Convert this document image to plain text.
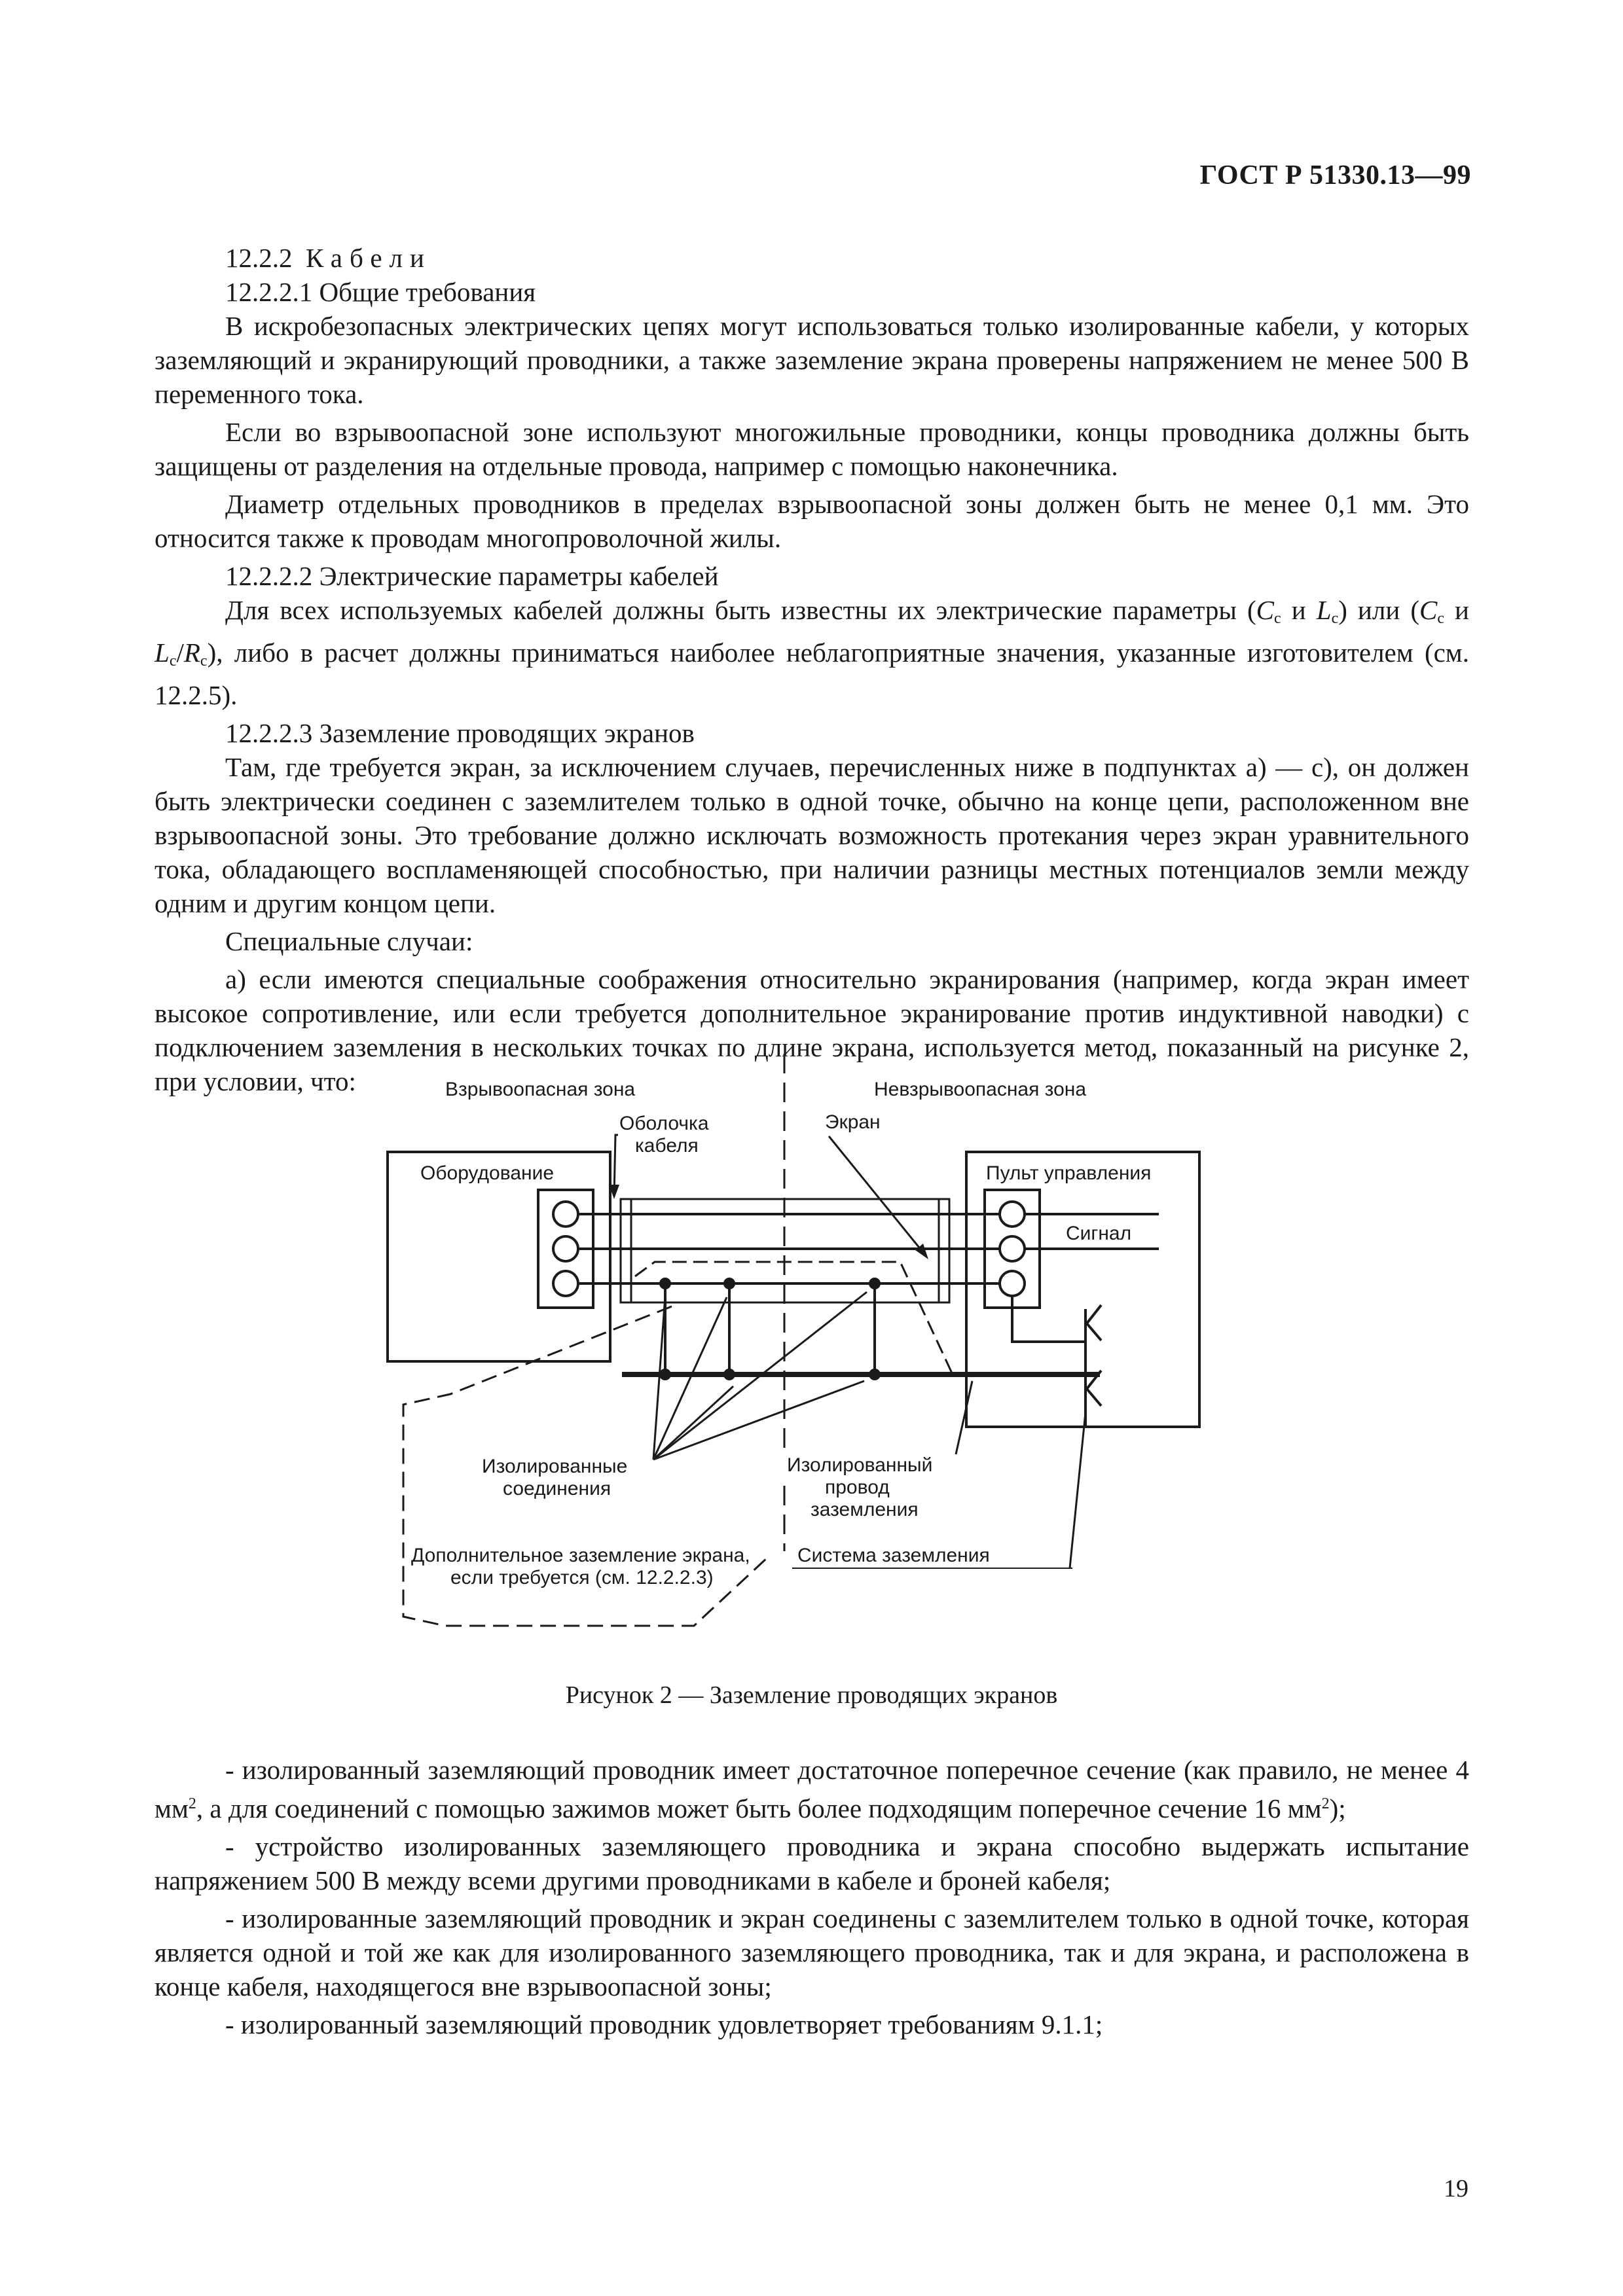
ГОСТ Р 51330.13—99

12.2.2 Кабели

12.2.2.1 Общие требования

В искробезопасных электрических цепях могут использоваться только изолированные кабели, у которых заземляющий и экранирующий проводники, а также заземление экрана проверены напряжением не менее 500 В переменного тока.

Если во взрывоопасной зоне используют многожильные проводники, концы проводника должны быть защищены от разделения на отдельные провода, например с помощью наконечника.

Диаметр отдельных проводников в пределах взрывоопасной зоны должен быть не менее 0,1 мм. Это относится также к проводам многопроволочной жилы.

12.2.2.2 Электрические параметры кабелей

Для всех используемых кабелей должны быть известны их электрические параметры ($C_c$ и $L_c$) или ($C_c$ и $L_c/R_c$), либо в расчет должны приниматься наиболее неблагоприятные значения, указанные изготовителем (см. 12.2.5).

12.2.2.3 Заземление проводящих экранов

Там, где требуется экран, за исключением случаев, перечисленных ниже в подпунктах а) — с), он должен быть электрически соединен с заземлителем только в одной точке, обычно на конце цепи, расположенном вне взрывоопасной зоны. Это требование должно исключать возможность протекания через экран уравнительного тока, обладающего воспламеняющей способностью, при наличии разницы местных потенциалов земли между одним и другим концом цепи.

Специальные случаи:

а) если имеются специальные соображения относительно экранирования (например, когда экран имеет высокое сопротивление, или если требуется дополнительное экранирование против индуктивной наводки) с подключением заземления в нескольких точках по длине экрана, используется метод, показанный на рисунке 2, при условии, что:	Взрывоопасная зона	Невзрывоопасная зона
Оборудование	Пульт управления
Сигнал
Оболочка
кабеля
Экран
Изолированные
соединения
Изолированный
провод
заземления
Дополнительное заземление экрана,
если требуется (см. 12.2.2.3)
Система заземления
Рисунок 2 — Заземление проводящих экранов

- изолированный заземляющий проводник имеет достаточное поперечное сечение (как правило, не менее 4 $мм^2$, а для соединений с помощью зажимов может быть более подходящим поперечное сечение 16 $мм^2$);

- устройство изолированных заземляющего проводника и экрана способно выдержать испытание напряжением 500 В между всеми другими проводниками в кабеле и броней кабеля;

- изолированные заземляющий проводник и экран соединены с заземлителем только в одной точке, которая является одной и той же как для изолированного заземляющего проводника, так и для экрана, и расположена в конце кабеля, находящегося вне взрывоопасной зоны;

- изолированный заземляющий проводник удовлетворяет требованиям 9.1.1;

19
